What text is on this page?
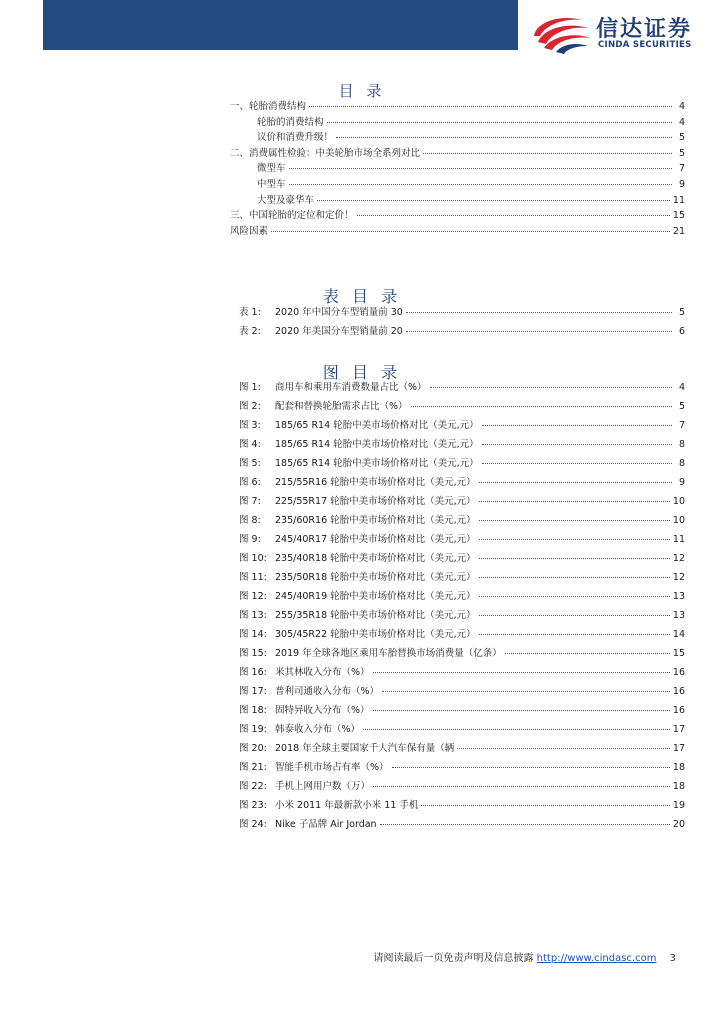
信达证券
CINDA SECURITIES
目 录
一、轮胎消费结构	4
轮胎的消费结构	4
议价和消费升级！	5
二、消费属性检验：中美轮胎市场全系列对比	5
微型车	7
中型车	9
大型及豪华车	11
三、中国轮胎的定位和定价！	15
风险因素	21
表 目 录
表 1:	2020 年中国分车型销量前 30	5
表 2:	2020 年美国分车型销量前 20	6
图 目 录
图 1:	商用车和乘用车消费数量占比（%）	4
图 2:	配套和替换轮胎需求占比（%）	5
图 3:	185/65 R14 轮胎中美市场价格对比（美元,元）	7
图 4:	185/65 R14 轮胎中美市场价格对比（美元,元）	8
图 5:	185/65 R14 轮胎中美市场价格对比（美元,元）	8
图 6:	215/55R16 轮胎中美市场价格对比（美元,元）	9
图 7:	225/55R17 轮胎中美市场价格对比（美元,元）	10
图 8:	235/60R16 轮胎中美市场价格对比（美元,元）	10
图 9:	245/40R17 轮胎中美市场价格对比（美元,元）	11
图 10: 235/40R18 轮胎中美市场价格对比（美元,元）	12
图 11: 235/50R18 轮胎中美市场价格对比（美元,元）	12
图 12: 245/40R19 轮胎中美市场价格对比（美元,元）	13
图 13: 255/35R18 轮胎中美市场价格对比（美元,元）	13
图 14: 305/45R22 轮胎中美市场价格对比（美元,元）	14
图 15: 2019 年全球各地区乘用车胎替换市场消费量（亿条）	15
图 16: 米其林收入分布（%）	16
图 17: 普利司通收入分布（%）	16
图 18: 固特异收入分布（%）	16
图 19: 韩泰收入分布（%）	17
图 20: 2018 年全球主要国家千人汽车保有量（辆	17
图 21: 智能手机市场占有率（%）	18
图 22: 手机上网用户数（万）	18
图 23: 小米 2011 年最新款小米 11 手机	19
图 24: Nike 子品牌 Air Jordan	20
请阅读最后一页免责声明及信息披露 http://www.cindasc.com 3
